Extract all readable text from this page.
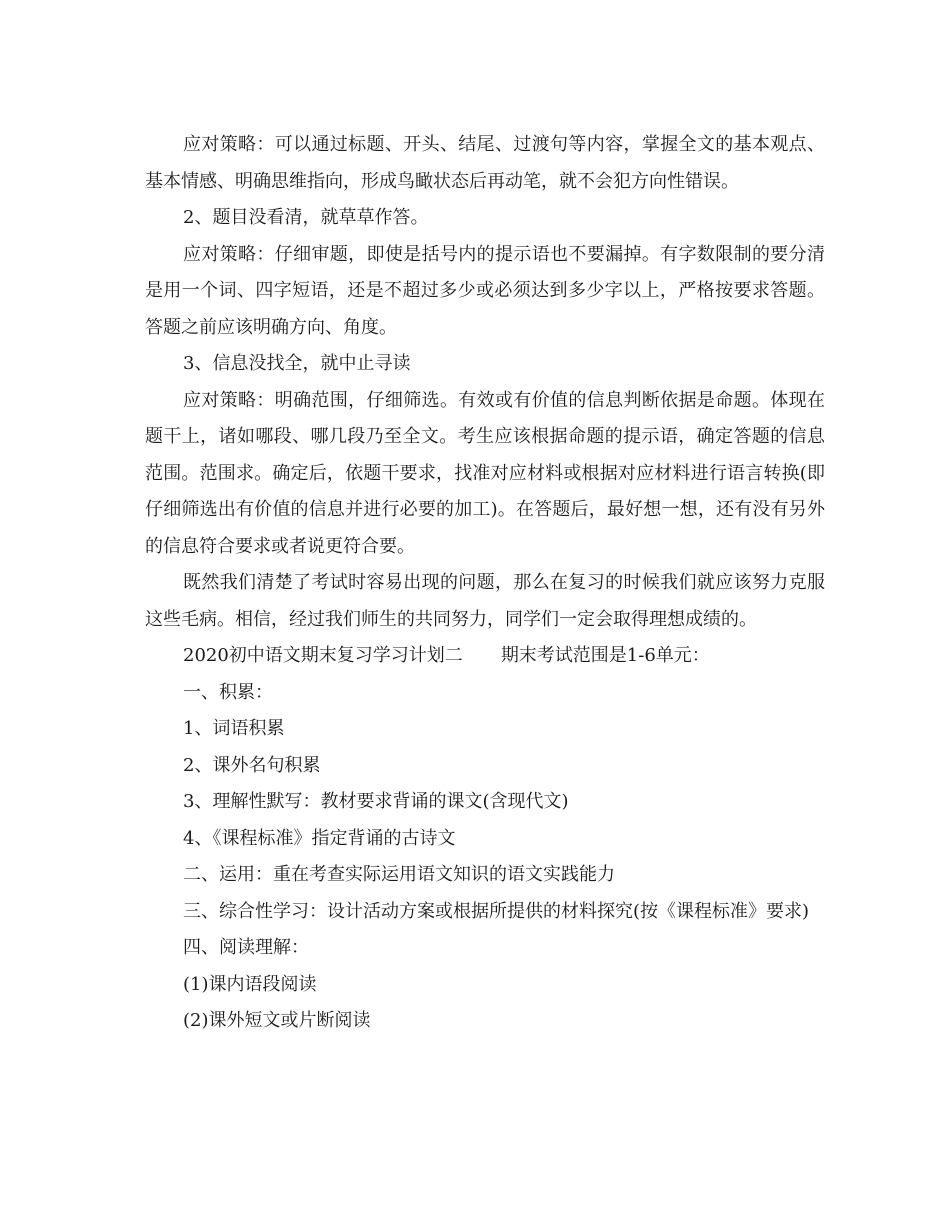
应对策略：可以通过标题、开头、结尾、过渡句等内容，掌握全文的基本观点、基本情感、明确思维指向，形成鸟瞰状态后再动笔，就不会犯方向性错误。

2、题目没看清，就草草作答。

应对策略：仔细审题，即使是括号内的提示语也不要漏掉。有字数限制的要分清是用一个词、四字短语，还是不超过多少或必须达到多少字以上，严格按要求答题。答题之前应该明确方向、角度。

3、信息没找全，就中止寻读

应对策略：明确范围，仔细筛选。有效或有价值的信息判断依据是命题。体现在题干上，诸如哪段、哪几段乃至全文。考生应该根据命题的提示语，确定答题的信息范围。范围求。确定后，依题干要求，找准对应材料或根据对应材料进行语言转换(即仔细筛选出有价值的信息并进行必要的加工)。在答题后，最好想一想，还有没有另外的信息符合要求或者说更符合要。

既然我们清楚了考试时容易出现的问题，那么在复习的时候我们就应该努力克服这些毛病。相信，经过我们师生的共同努力，同学们一定会取得理想成绩的。

2020初中语文期末复习学习计划二 期末考试范围是1-6单元：

一、积累：

1、词语积累

2、课外名句积累

3、理解性默写：教材要求背诵的课文(含现代文)

4、《课程标准》指定背诵的古诗文

二、运用：重在考查实际运用语文知识的语文实践能力

三、综合性学习：设计活动方案或根据所提供的材料探究(按《课程标准》要求)

四、阅读理解：

(1)课内语段阅读

(2)课外短文或片断阅读
